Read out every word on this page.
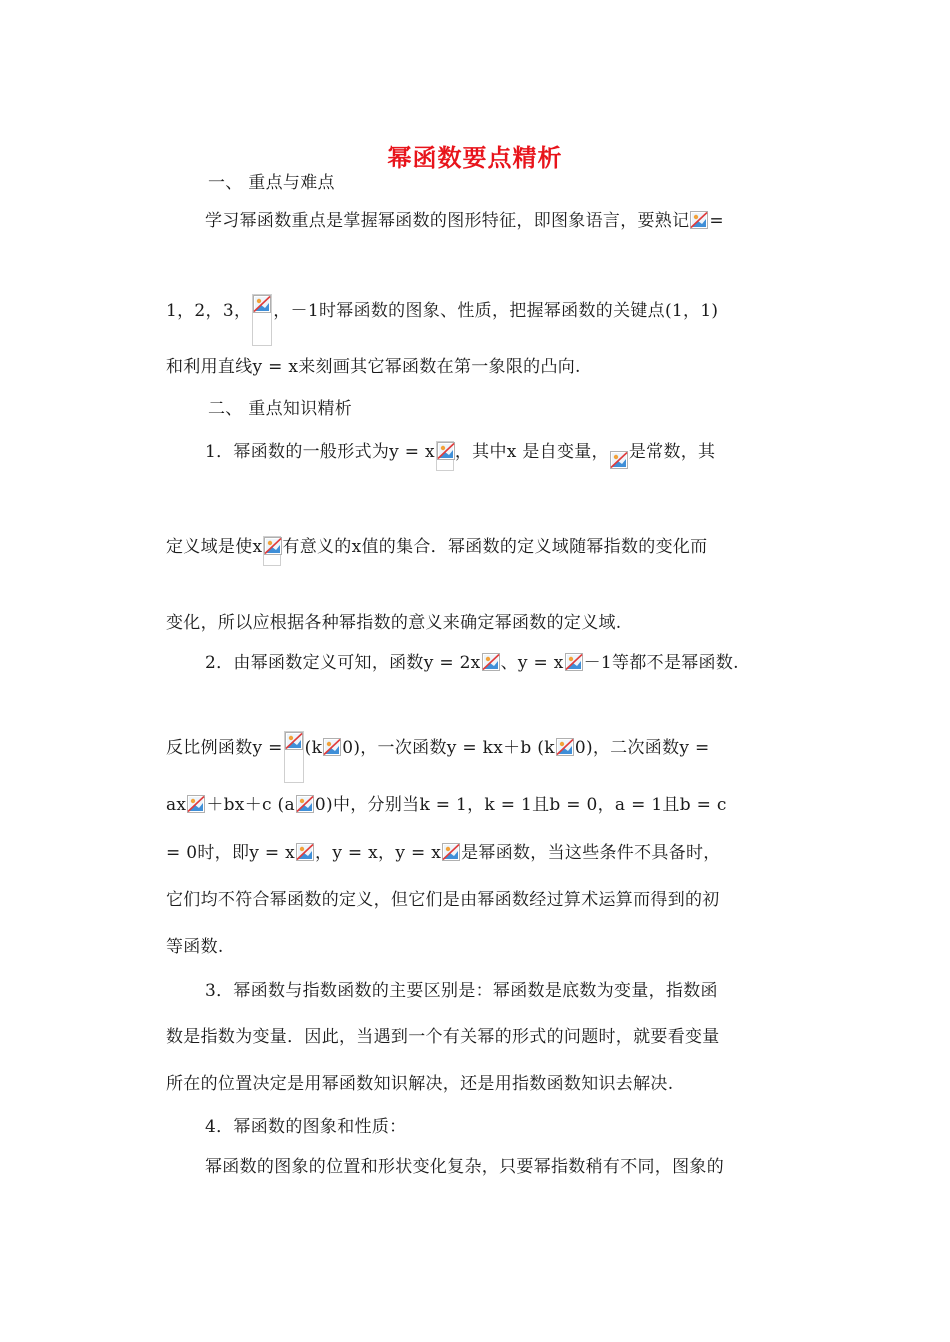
幂函数要点精析
一、 重点与难点
学习幂函数重点是掌握幂函数的图形特征，即图象语言，要熟记 =
1，2，3， ，－1时幂函数的图象、性质，把握幂函数的关键点(1，1)
和利用直线y = x来刻画其它幂函数在第一象限的凸向.
二、 重点知识精析
1．幂函数的一般形式为y = x ，其中x 是自变量， 是常数，其
定义域是使x 有意义的x值的集合．幂函数的定义域随幂指数的变化而
变化，所以应根据各种幂指数的意义来确定幂函数的定义域.
2．由幂函数定义可知，函数y = 2x 、y = x －1等都不是幂函数.
反比例函数y = (k 0)，一次函数y = kx＋b (k 0)，二次函数y =
ax ＋bx＋c (a 0)中，分别当k = 1，k = 1且b = 0，a = 1且b = c
= 0时，即y = x ，y = x，y = x 是幂函数，当这些条件不具备时，
它们均不符合幂函数的定义，但它们是由幂函数经过算术运算而得到的初
等函数.
3．幂函数与指数函数的主要区别是：幂函数是底数为变量，指数函
数是指数为变量．因此，当遇到一个有关幂的形式的问题时，就要看变量
所在的位置决定是用幂函数知识解决，还是用指数函数知识去解决.
4．幂函数的图象和性质：
幂函数的图象的位置和形状变化复杂，只要幂指数稍有不同，图象的
